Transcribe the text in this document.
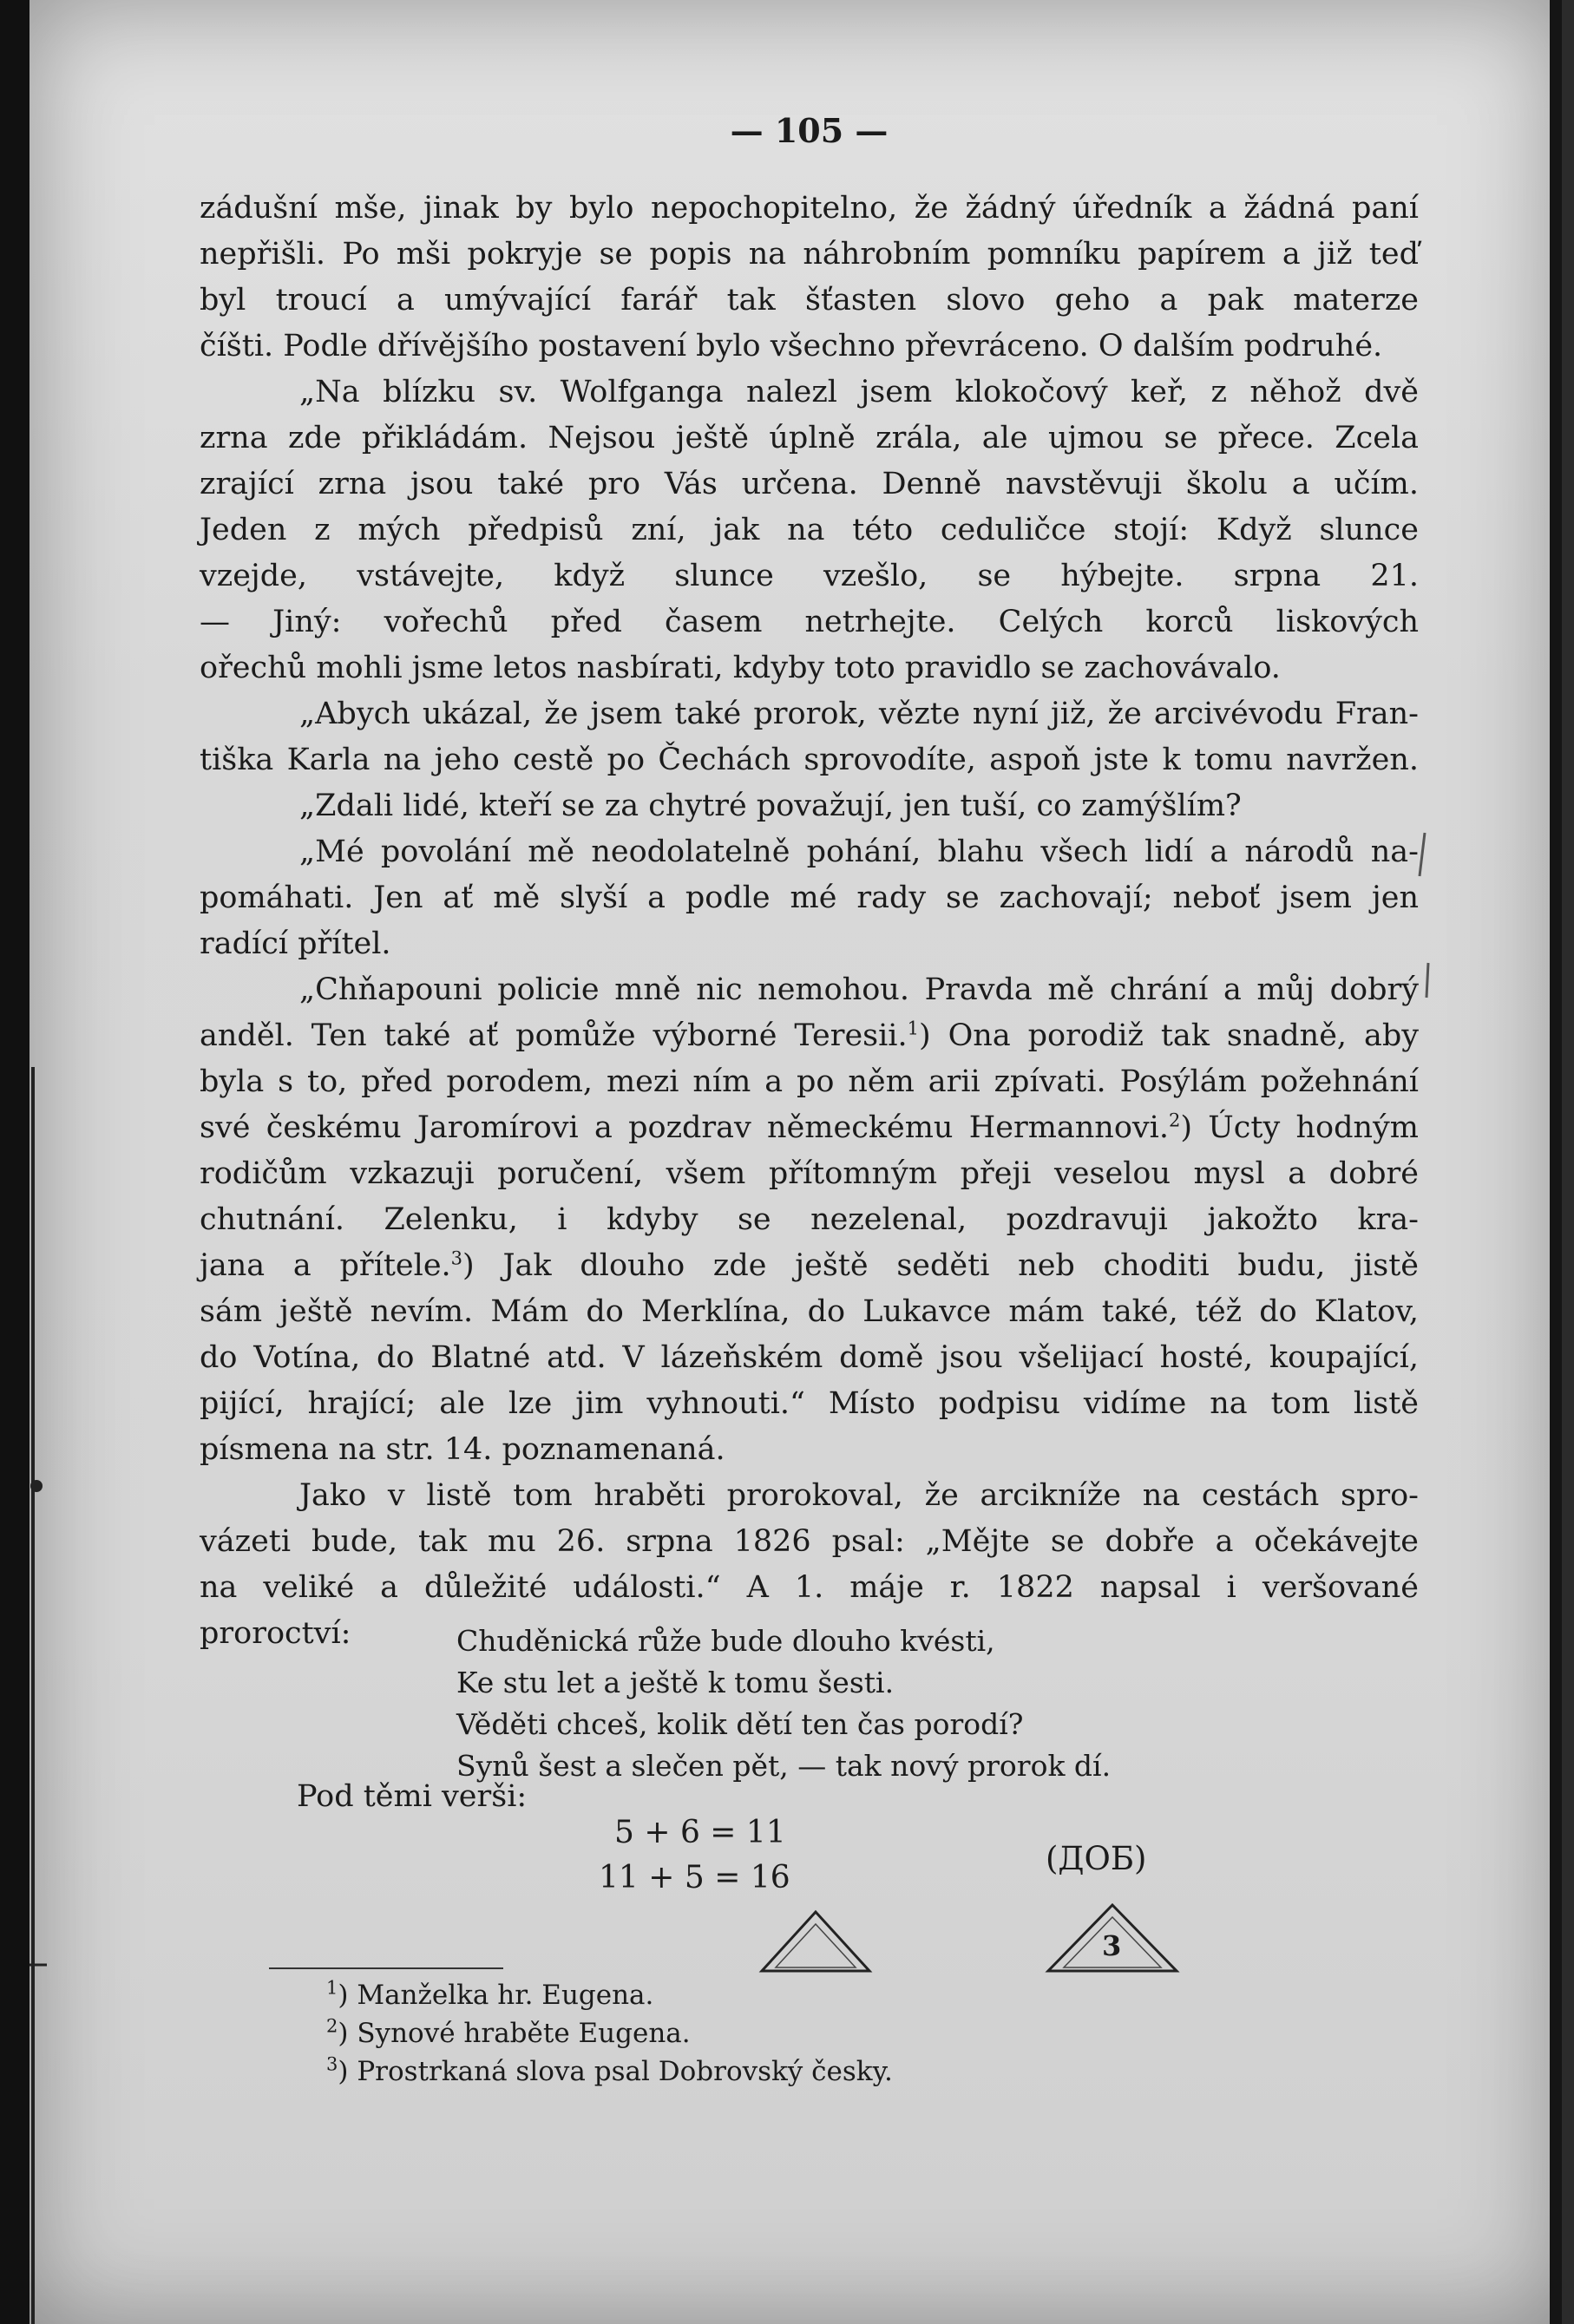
— 105 —
zádušní mše, jinak by bylo nepochopitelno, že žádný úředník a žádná paní
nepřišli. Po mši pokryje se popis na náhrobním pomníku papírem a již teď
byl troucí a umývající farář tak šťasten slovo geho a pak materze
číšti. Podle dřívějšího postavení bylo všechno převráceno. O dalším podruhé.
„Na blízku sv. Wolfganga nalezl jsem klokočový keř, z něhož dvě
zrna zde přikládám. Nejsou ještě úplně zrála, ale ujmou se přece. Zcela
zrající zrna jsou také pro Vás určena. Denně navstěvuji školu a učím.
Jeden z mých předpisů zní, jak na této ceduličce stojí: Když slunce
vzejde, vstávejte, když slunce vzešlo, se hýbejte. srpna 21.
— Jiný: vořechů před časem netrhejte. Celých korců liskových
ořechů mohli jsme letos nasbírati, kdyby toto pravidlo se zachovávalo.
„Abych ukázal, že jsem také prorok, vězte nyní již, že arcivévodu Fran-
tiška Karla na jeho cestě po Čechách sprovodíte, aspoň jste k tomu navržen.
„Zdali lidé, kteří se za chytré považují, jen tuší, co zamýšlím?
„Mé povolání mě neodolatelně pohání, blahu všech lidí a národů na-
pomáhati. Jen ať mě slyší a podle mé rady se zachovají; neboť jsem jen
radící přítel.
„Chňapouni policie mně nic nemohou. Pravda mě chrání a můj dobrý
anděl. Ten také ať pomůže výborné Teresii.$^1$) Ona porodiž tak snadně, aby
byla s to, před porodem, mezi ním a po něm arii zpívati. Posýlám požehnání
své českému Jaromírovi a pozdrav německému Hermannovi.$^2$) Úcty hodným
rodičům vzkazuji poručení, všem přítomným přeji veselou mysl a dobré
chutnání. Zelenku, i kdyby se nezelenal, pozdravuji jakožto kra-
jana a přítele.$^3$) Jak dlouho zde ještě seděti neb choditi budu, jistě
sám ještě nevím. Mám do Merklína, do Lukavce mám také, též do Klatov,
do Votína, do Blatné atd. V lázeňském domě jsou všelijací hosté, koupající,
pijící, hrající; ale lze jim vyhnouti.“ Místo podpisu vidíme na tom listě
písmena na str. 14. poznamenaná.
Jako v listě tom hraběti prorokoval, že arcikníže na cestách spro-
vázeti bude, tak mu 26. srpna 1826 psal: „Mějte se dobře a očekávejte
na veliké a důležité události.“ A 1. máje r. 1822 napsal i veršované
proroctví:	Chuděnická růže bude dlouho kvésti,
Ke stu let a ještě k tomu šesti.
Věděti chceš, kolik dětí ten čas porodí?
Synů šest a slečen pět, — tak nový prorok dí.
Pod těmi verši:
5 + 6 = 11
11 + 5 = 16
(ДОБ)
3
$^1$) Manželka hr. Eugena.
$^2$) Synové hraběte Eugena.
$^3$) Prostrkaná slova psal Dobrovský česky.
